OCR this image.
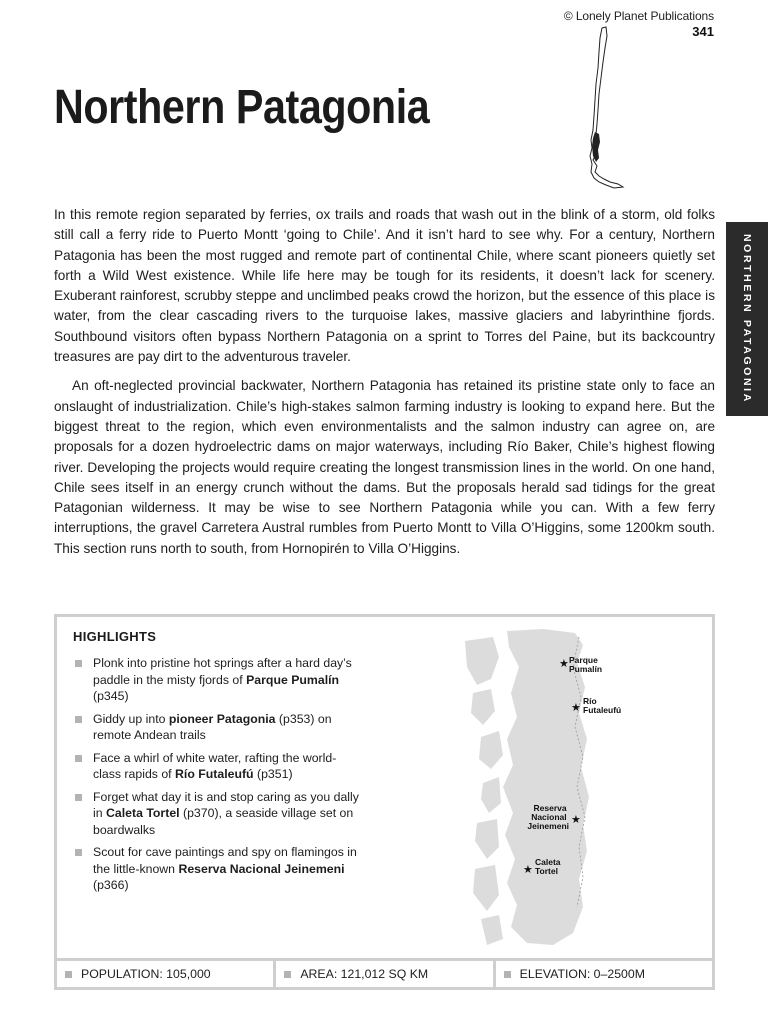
© Lonely Planet Publications
341
Northern Patagonia
NORTHERN PATAGONIA

In this remote region separated by ferries, ox trails and roads that wash out in the blink of a storm, old folks still call a ferry ride to Puerto Montt ‘going to Chile’. And it isn’t hard to see why. For a century, Northern Patagonia has been the most rugged and remote part of continental Chile, where scant pioneers quietly set forth a Wild West existence. While life here may be tough for its residents, it doesn’t lack for scenery. Exuberant rainforest, scrubby steppe and unclimbed peaks crowd the horizon, but the essence of this place is water, from the clear cascading rivers to the turquoise lakes, massive glaciers and labyrinthine fjords. Southbound visitors often bypass Northern Patagonia on a sprint to Torres del Paine, but its backcountry treasures are pay dirt to the adventurous traveler.

An oft-neglected provincial backwater, Northern Patagonia has retained its pristine state only to face an onslaught of industrialization. Chile’s high-stakes salmon farming industry is looking to expand here. But the biggest threat to the region, which even environmentalists and the salmon industry can agree on, are proposals for a dozen hydroelectric dams on major waterways, including Río Baker, Chile’s highest flowing river. Developing the projects would require creating the longest transmission lines in the world. On one hand, Chile sees itself in an energy crunch without the dams. But the proposals herald sad tidings for the great Patagonian wilderness. It may be wise to see Northern Patagonia while you can. With a few ferry interruptions, the gravel Carretera Austral rumbles from Puerto Montt to Villa O’Higgins, some 1200km south. This section runs north to south, from Hornopirén to Villa O’Higgins.

HIGHLIGHTS
Plonk into pristine hot springs after a hard day’s paddle in the misty fjords of Parque Pumalín (p345)
Giddy up into pioneer Patagonia (p353) on remote Andean trails
Face a whirl of white water, rafting the world-class rapids of Río Futaleufú (p351)
Forget what day it is and stop caring as you dally in Caleta Tortel (p370), a seaside village set on boardwalks
Scout for cave paintings and spy on flamingos in the little-known Reserva Nacional Jeinemeni (p366)
★ Parque Pumalín
★
Río Futaleufú
★
Reserva Nacional Jeinemeni
★
Caleta Tortel
POPULATION: 105,000	AREA: 121,012 SQ KM	ELEVATION: 0–2500M
